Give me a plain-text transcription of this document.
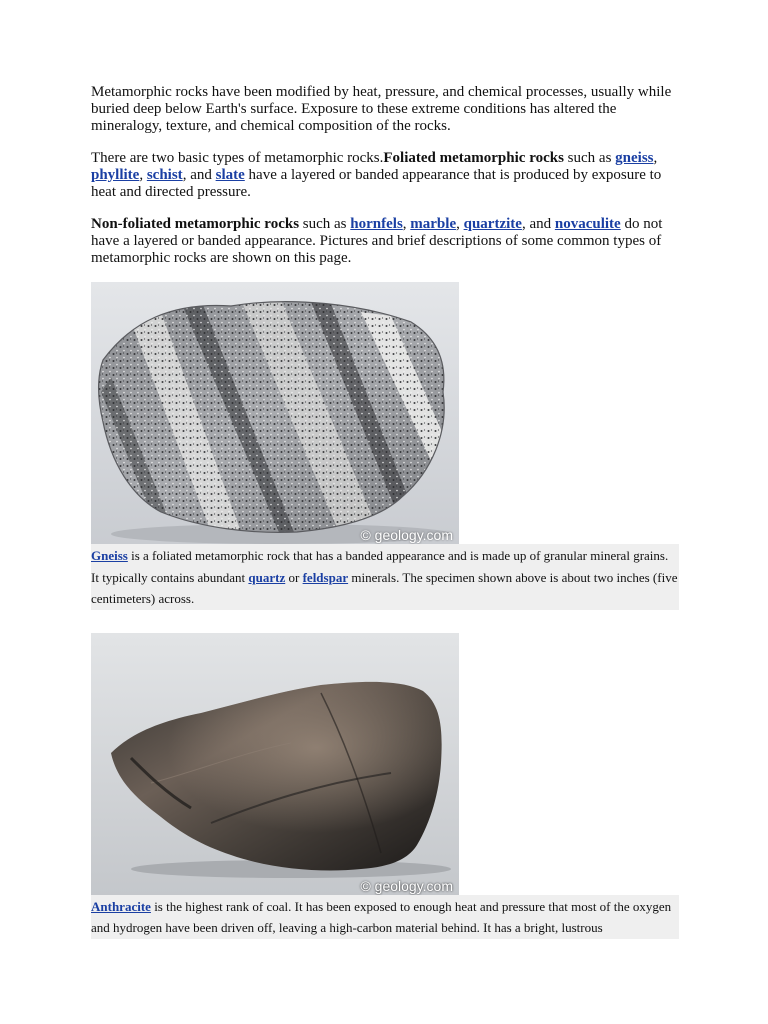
Metamorphic rocks have been modified by heat, pressure, and chemical processes, usually while buried deep below Earth's surface. Exposure to these extreme conditions has altered the mineralogy, texture, and chemical composition of the rocks.

There are two basic types of metamorphic rocks.Foliated metamorphic rocks such as gneiss, phyllite, schist, and slate have a layered or banded appearance that is produced by exposure to heat and directed pressure.

Non-foliated metamorphic rocks such as hornfels, marble, quartzite, and novaculite do not have a layered or banded appearance. Pictures and brief descriptions of some common types of metamorphic rocks are shown on this page.

© geology.com
Gneiss is a foliated metamorphic rock that has a banded appearance and is made up of granular mineral grains. It typically contains abundant quartz or feldspar minerals. The specimen shown above is about two inches (five centimeters) across.
© geology.com
Anthracite is the highest rank of coal. It has been exposed to enough heat and pressure that most of the oxygen and hydrogen have been driven off, leaving a high-carbon material behind. It has a bright, lustrous
